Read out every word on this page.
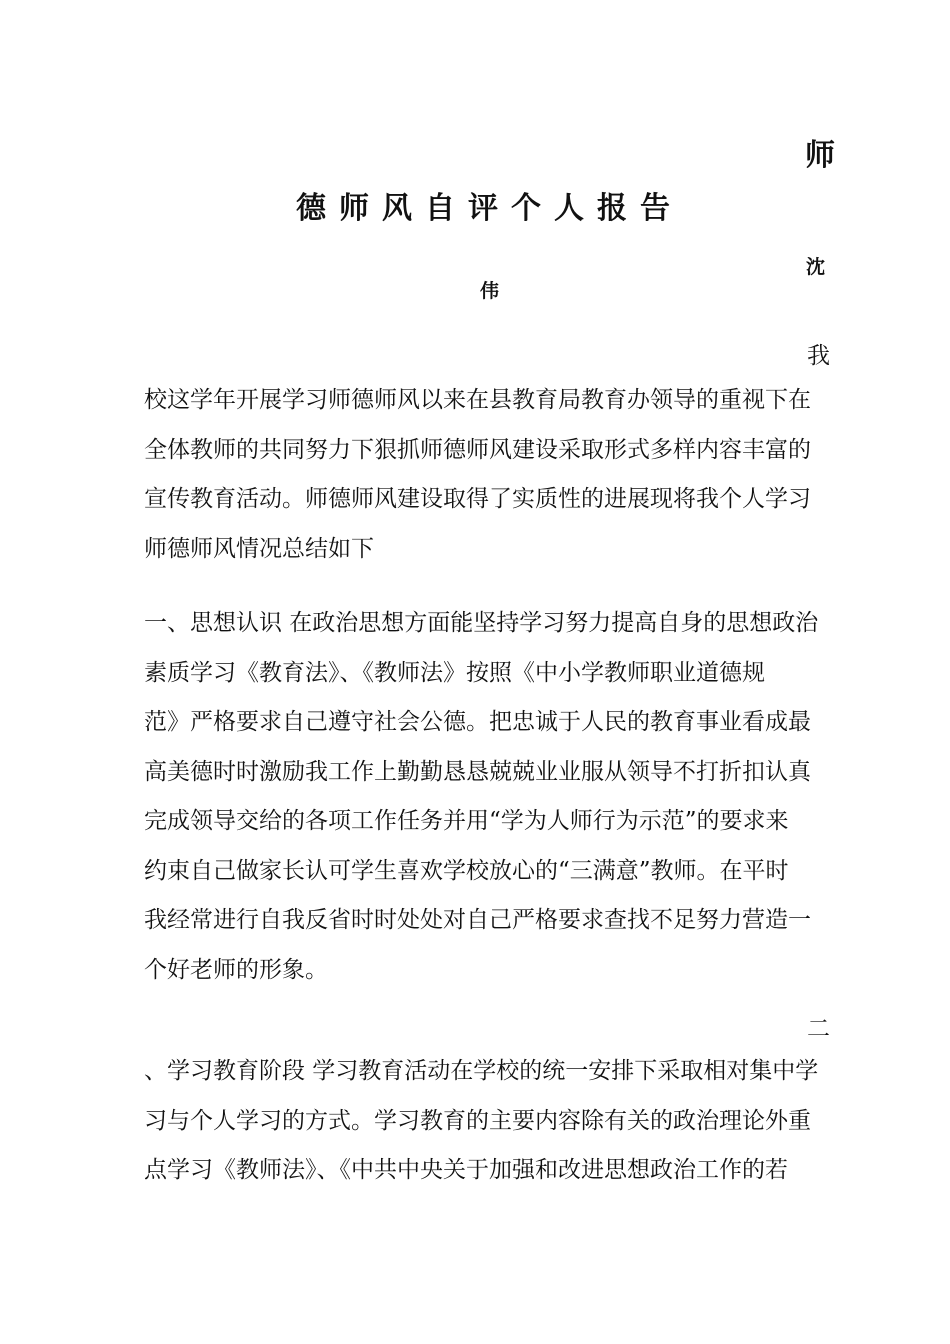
师
德师风自评个人报告
沈
伟
我
校这学年开展学习师德师风以来在县教育局教育办领导的重视下在
全体教师的共同努力下狠抓师德师风建设采取形式多样内容丰富的
宣传教育活动。师德师风建设取得了实质性的进展现将我个人学习
师德师风情况总结如下
一、思想认识 在政治思想方面能坚持学习努力提高自身的思想政治
素质学习《教育法》、《教师法》按照《中小学教师职业道德规
范》严格要求自己遵守社会公德。把忠诚于人民的教育事业看成最
高美德时时激励我工作上勤勤恳恳兢兢业业服从领导不打折扣认真
完成领导交给的各项工作任务并用“学为人师行为示范”的要求来
约束自己做家长认可学生喜欢学校放心的“三满意”教师。在平时
我经常进行自我反省时时处处对自己严格要求查找不足努力营造一
个好老师的形象。
二
、学习教育阶段 学习教育活动在学校的统一安排下采取相对集中学
习与个人学习的方式。学习教育的主要内容除有关的政治理论外重
点学习《教师法》、《中共中央关于加强和改进思想政治工作的若
